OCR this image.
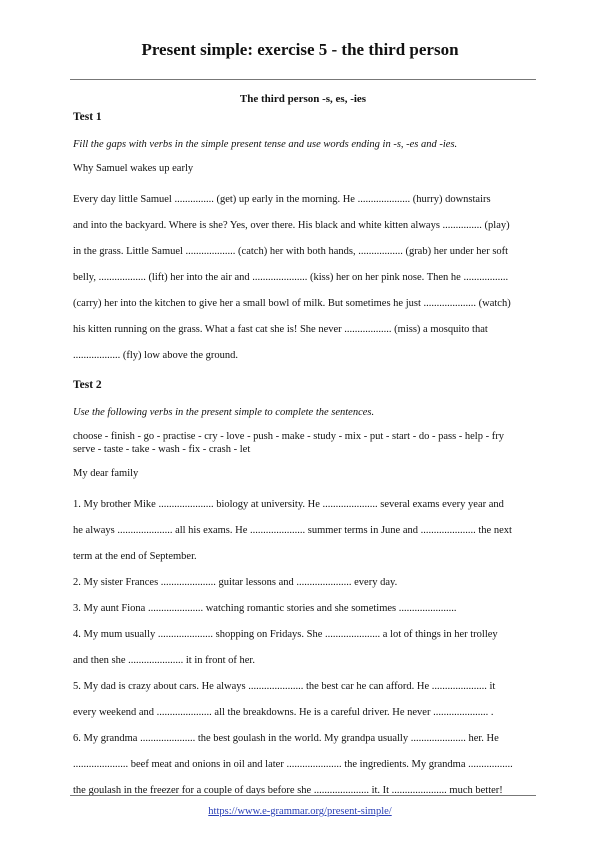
Present simple: exercise 5 - the third person
The third person -s, es, -ies
Test 1
Fill the gaps with verbs in the simple present tense and use words ending in -s, -es and -ies.
Why Samuel wakes up early

Every day little Samuel ............... (get) up early in the morning. He .................... (hurry) downstairs

and into the backyard. Where is she? Yes, over there. His black and white kitten always ............... (play)

in the grass. Little Samuel ................... (catch) her with both hands, ................. (grab) her under her soft

belly, .................. (lift) her into the air and ..................... (kiss) her on her pink nose. Then he .................

(carry) her into the kitchen to give her a small bowl of milk. But sometimes he just .................... (watch)

his kitten running on the grass. What a fast cat she is! She never .................. (miss) a mosquito that

.................. (fly) low above the ground.

Test 2
Use the following verbs in the present simple to complete the sentences.
choose - finish - go - practise - cry - love - push - make - study - mix - put - start - do - pass - help - fry
serve - taste - take - wash - fix - crash - let
My dear family

1. My brother Mike ..................... biology at university. He ..................... several exams every year and

he always ..................... all his exams. He ..................... summer terms in June and ..................... the next

term at the end of September.

2. My sister Frances ..................... guitar lessons and ..................... every day.

3. My aunt Fiona ..................... watching romantic stories and she sometimes ......................

4. My mum usually ..................... shopping on Fridays. She ..................... a lot of things in her trolley

and then she ..................... it in front of her.

5. My dad is crazy about cars. He always ..................... the best car he can afford. He ..................... it

every weekend and ..................... all the breakdowns. He is a careful driver. He never ..................... .

6. My grandma ..................... the best goulash in the world. My grandpa usually ..................... her. He

..................... beef meat and onions in oil and later ..................... the ingredients. My grandma .................

the goulash in the freezer for a couple of days before she ..................... it. It ..................... much better!

https://www.e-grammar.org/present-simple/
